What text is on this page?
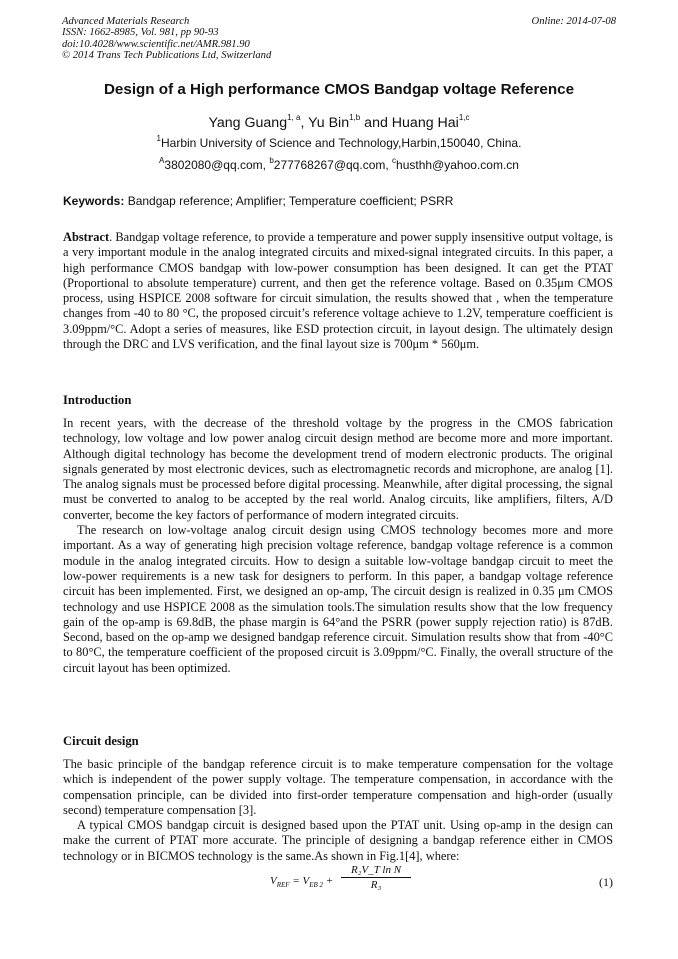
Advanced Materials Research
ISSN: 1662-8985, Vol. 981, pp 90-93
doi:10.4028/www.scientific.net/AMR.981.90
© 2014 Trans Tech Publications Ltd, Switzerland
Online: 2014-07-08
Design of a High performance CMOS Bandgap voltage Reference
Yang Guang$^{1, a}$, Yu Bin$^{1,b}$ and Huang Hai$^{1,c}$
$^1$Harbin University of Science and Technology,Harbin,150040, China.
$^A$3802080@qq.com, $^b$277768267@qq.com, $^c$husthh@yahoo.com.cn
Keywords: Bandgap reference; Amplifier; Temperature coefficient; PSRR

Abstract. Bandgap voltage reference, to provide a temperature and power supply insensitive output voltage, is a very important module in the analog integrated circuits and mixed-signal integrated circuits. In this paper, a high performance CMOS bandgap with low-power consumption has been designed. It can get the PTAT (Proportional to absolute temperature) current, and then get the reference voltage. Based on 0.35μm CMOS process, using HSPICE 2008 software for circuit simulation, the results showed that , when the temperature changes from -40 to 80 °C, the proposed circuit’s reference voltage achieve to 1.2V, temperature coefficient is 3.09ppm/°C. Adopt a series of measures, like ESD protection circuit, in layout design. The ultimately design through the DRC and LVS verification, and the final layout size is 700μm * 560μm.

Introduction

In recent years, with the decrease of the threshold voltage by the progress in the CMOS fabrication technology, low voltage and low power analog circuit design method are become more and more important. Although digital technology has become the development trend of modern electronic products. The original signals generated by most electronic devices, such as electromagnetic records and microphone, are analog [1]. The analog signals must be processed before digital processing. Meanwhile, after digital processing, the signal must be converted to analog to be accepted by the real world. Analog circuits, like amplifiers, filters, A/D converter, become the key factors of performance of modern integrated circuits.

The research on low-voltage analog circuit design using CMOS technology becomes more and more important. As a way of generating high precision voltage reference, bandgap voltage reference is a common module in the analog integrated circuits. How to design a suitable low-voltage bandgap circuit to meet the low-power requirements is a new task for designers to perform. In this paper, a bandgap voltage reference circuit has been implemented. First, we designed an op-amp, The circuit design is realized in 0.35 μm CMOS technology and use HSPICE 2008 as the simulation tools.The simulation results show that the low frequency gain of the op-amp is 69.8dB, the phase margin is 64°and the PSRR (power supply rejection ratio) is 87dB. Second, based on the op-amp we designed bandgap reference circuit. Simulation results show that from -40°C to 80°C, the temperature coefficient of the proposed circuit is 3.09ppm/°C. Finally, the overall structure of the circuit layout has been optimized.

Circuit design

The basic principle of the bandgap reference circuit is to make temperature compensation for the voltage which is independent of the power supply voltage. The temperature compensation, in accordance with the compensation principle, can be divided into first-order temperature compensation and high-order (usually second) temperature compensation [3].

A typical CMOS bandgap circuit is designed based upon the PTAT unit. Using op-amp in the design can make the current of PTAT more accurate. The principle of designing a bandgap reference either in CMOS technology or in BICMOS technology is the same.As shown in Fig.1[4], where:

$V_{REF} = V_{EB 2} + \frac{\text{R₂V\_T ln N}}{\text{R₃}}$	(1)
